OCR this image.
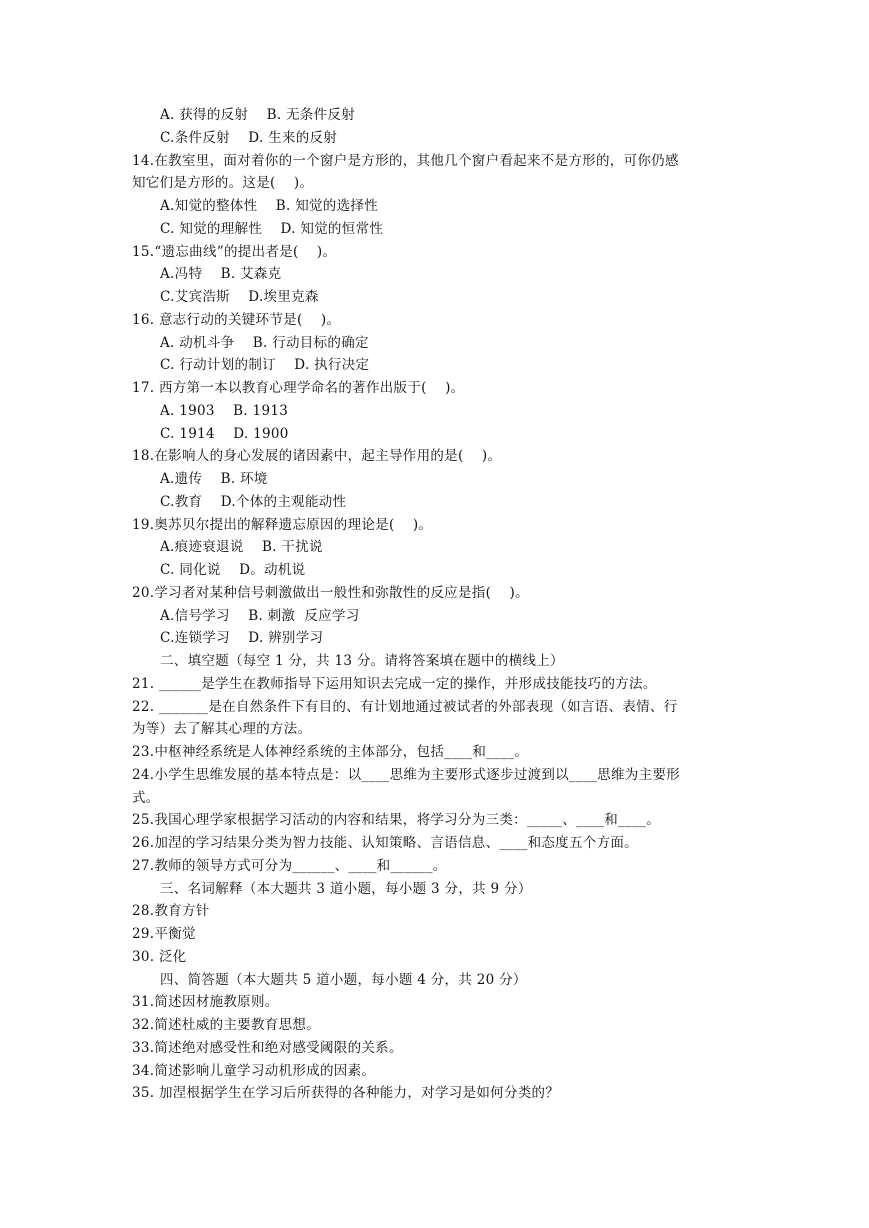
A. 获得的反射    B. 无条件反射
C.条件反射    D. 生来的反射
14.在教室里，面对着你的一个窗户是方形的，其他几个窗户看起来不是方形的，可你仍感
知它们是方形的。这是(    )。
A.知觉的整体性    B. 知觉的选择性
C. 知觉的理解性    D. 知觉的恒常性
15.“遗忘曲线”的提出者是(    )。
A.冯特    B. 艾森克
C.艾宾浩斯    D.埃里克森
16. 意志行动的关键环节是(    )。
A. 动机斗争    B. 行动目标的确定
C. 行动计划的制订    D. 执行决定
17. 西方第一本以教育心理学命名的著作出版于(    )。
A. 1903    B. 1913
C. 1914    D. 1900
18.在影响人的身心发展的诸因素中，起主导作用的是(    )。
A.遗传    B. 环境
C.教育    D.个体的主观能动性
19.奥苏贝尔提出的解释遗忘原因的理论是(    )。
A.痕迹衰退说    B. 干扰说
C. 同化说    D。动机说
20.学习者对某种信号刺激做出一般性和弥散性的反应是指(    )。
A.信号学习    B. 刺激  反应学习
C.连锁学习    D. 辨别学习
二、填空题（每空 1 分，共 13 分。请将答案填在题中的横线上）
21. ______是学生在教师指导下运用知识去完成一定的操作，并形成技能技巧的方法。
22. _______是在自然条件下有目的、有计划地通过被试者的外部表现（如言语、表情、行
为等）去了解其心理的方法。
23.中枢神经系统是人体神经系统的主体部分，包括____和____。
24.小学生思维发展的基本特点是：以____思维为主要形式逐步过渡到以____思维为主要形
式。
25.我国心理学家根据学习活动的内容和结果，将学习分为三类：_____、____和____。
26.加涅的学习结果分类为智力技能、认知策略、言语信息、____和态度五个方面。
27.教师的领导方式可分为______、____和______。
三、名词解释（本大题共 3 道小题，每小题 3 分，共 9 分）
28.教育方针
29.平衡觉
30. 泛化
四、简答题（本大题共 5 道小题，每小题 4 分，共 20 分）
31.简述因材施教原则。
32.简述杜威的主要教育思想。
33.简述绝对感受性和绝对感受阈限的关系。
34.简述影响儿童学习动机形成的因素。
35. 加涅根据学生在学习后所获得的各种能力，对学习是如何分类的？
